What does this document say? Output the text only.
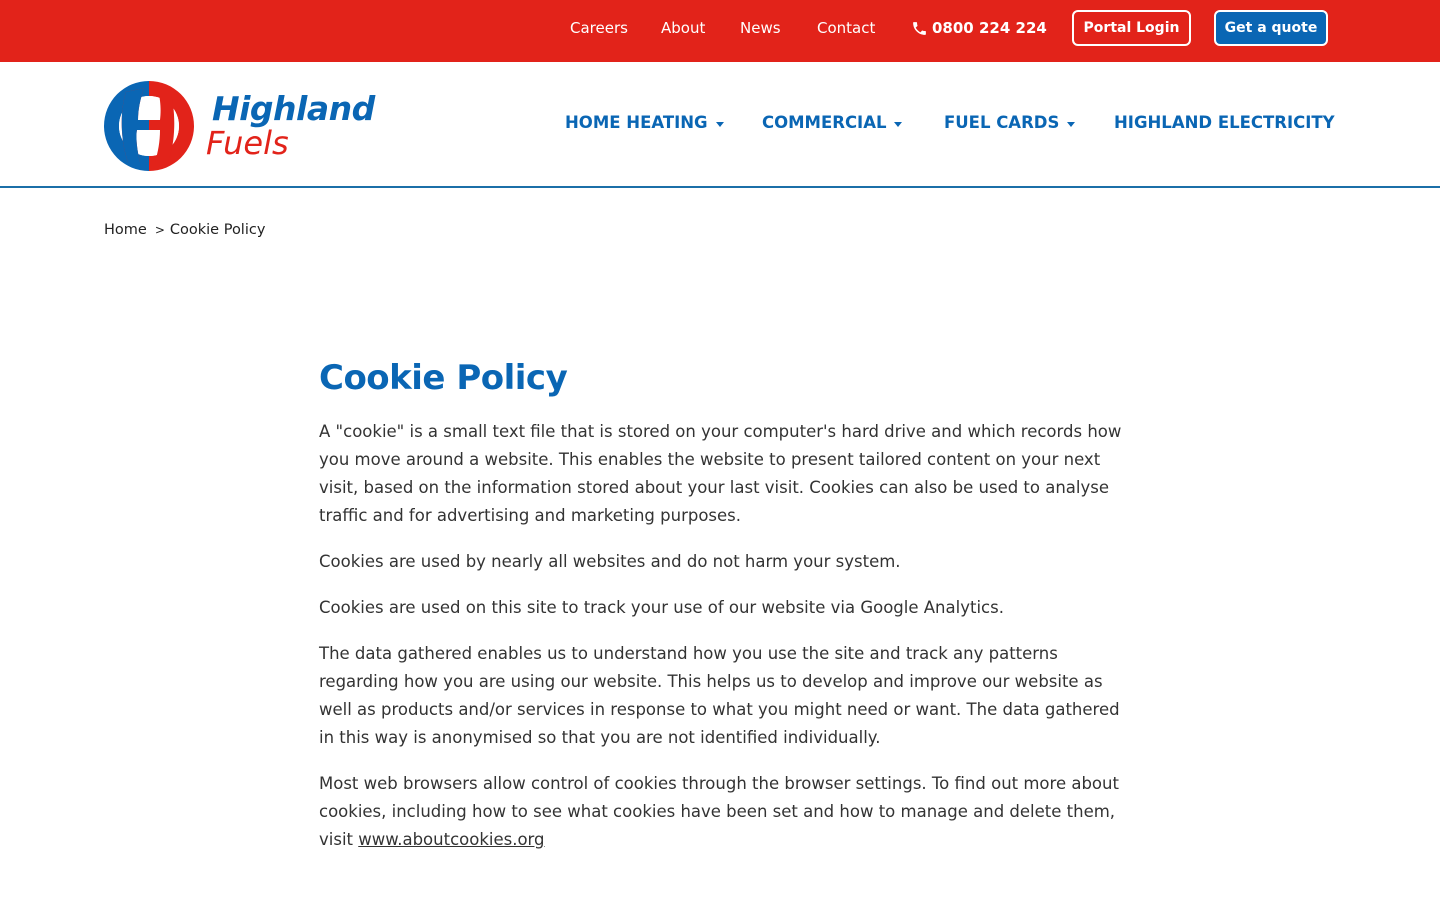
Careers About News Contact	0800 224 224	Portal Login	Get a quote
Highland
Fuels
HOME HEATING	COMMERCIAL	FUEL CARDS	HIGHLAND ELECTRICITY
Home > Cookie Policy
Cookie Policy

A "cookie" is a small text file that is stored on your computer's hard drive and which records how you move around a website. This enables the website to present tailored content on your next visit, based on the information stored about your last visit. Cookies can also be used to analyse traffic and for advertising and marketing purposes.

Cookies are used by nearly all websites and do not harm your system.

Cookies are used on this site to track your use of our website via Google Analytics.

The data gathered enables us to understand how you use the site and track any patterns regarding how you are using our website. This helps us to develop and improve our website as well as products and/or services in response to what you might need or want. The data gathered in this way is anonymised so that you are not identified individually.

Most web browsers allow control of cookies through the browser settings. To find out more about cookies, including how to see what cookies have been set and how to manage and delete them, visit www.aboutcookies.org
